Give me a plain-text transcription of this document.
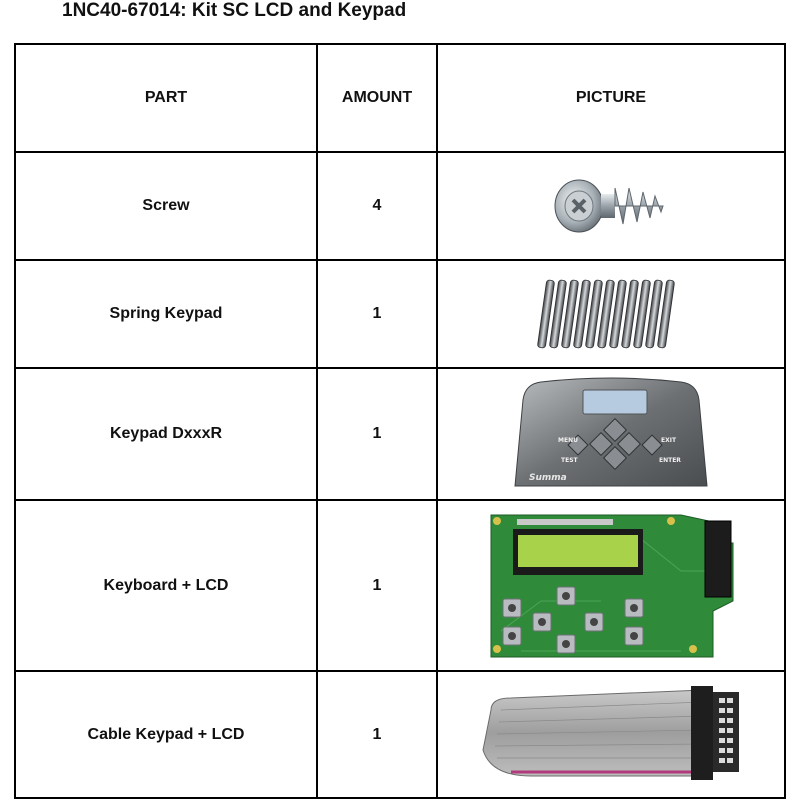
1NC40-67014: Kit SC LCD and Keypad
PART	AMOUNT	PICTURE
Screw	4	

Spring Keypad	1	

Keypad DxxxR	1	MENU
TEST
EXIT
ENTER
Summa

Keyboard + LCD	1	

Cable Keypad + LCD	1	
